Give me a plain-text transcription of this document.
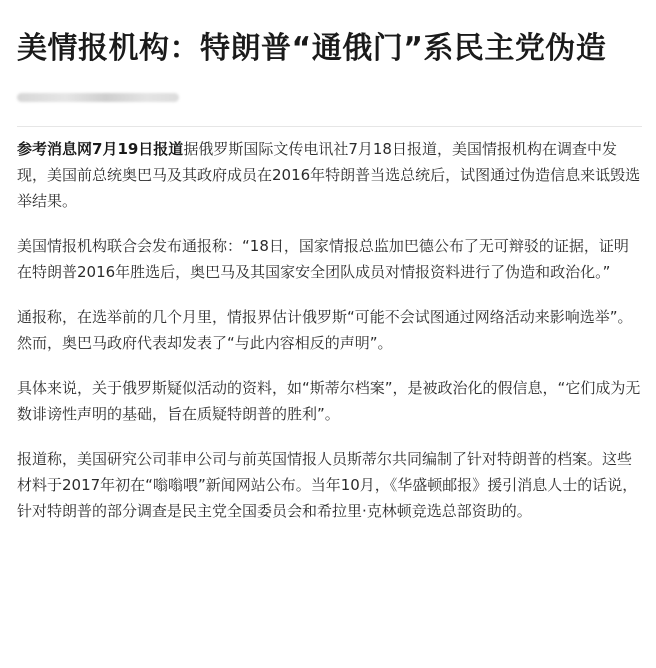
美情报机构：特朗普“通俄门”系民主党伪造

参考消息网7月19日报道据俄罗斯国际文传电讯社7月18日报道，美国情报机构在调查中发现，美国前总统奥巴马及其政府成员在2016年特朗普当选总统后，试图通过伪造信息来诋毁选举结果。

美国情报机构联合会发布通报称：“18日，国家情报总监加巴德公布了无可辩驳的证据，证明在特朗普2016年胜选后，奥巴马及其国家安全团队成员对情报资料进行了伪造和政治化。”

通报称，在选举前的几个月里，情报界估计俄罗斯“可能不会试图通过网络活动来影响选举”。然而，奥巴马政府代表却发表了“与此内容相反的声明”。

具体来说，关于俄罗斯疑似活动的资料，如“斯蒂尔档案”，是被政治化的假信息，“它们成为无数诽谤性声明的基础，旨在质疑特朗普的胜利”。

报道称，美国研究公司菲申公司与前英国情报人员斯蒂尔共同编制了针对特朗普的档案。这些材料于2017年初在“嗡嗡喂”新闻网站公布。当年10月，《华盛顿邮报》援引消息人士的话说，针对特朗普的部分调查是民主党全国委员会和希拉里·克林顿竞选总部资助的。
